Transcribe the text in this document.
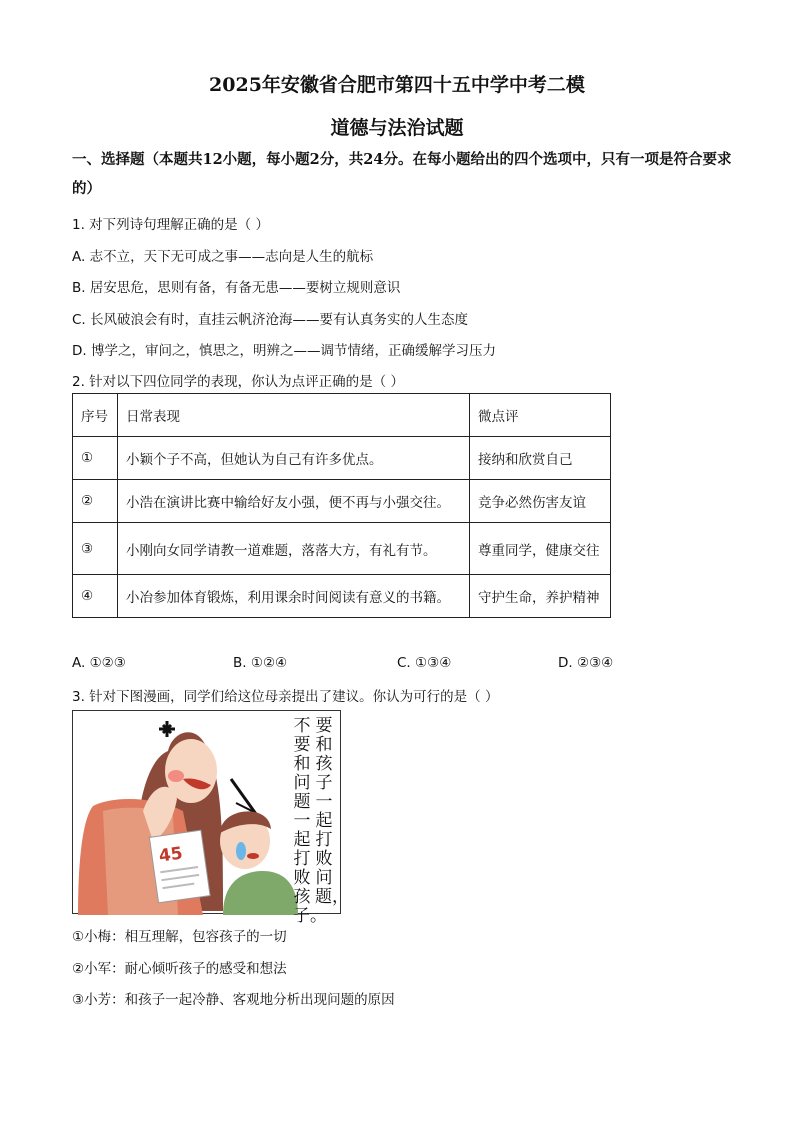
2025年安徽省合肥市第四十五中学中考二模
道德与法治试题
一、选择题（本题共12小题，每小题2分，共24分。在每小题给出的四个选项中，只有一项是符合要求的）
1. 对下列诗句理解正确的是（ ）
A. 志不立，天下无可成之事——志向是人生的航标
B. 居安思危，思则有备，有备无患——要树立规则意识
C. 长风破浪会有时，直挂云帆济沧海——要有认真务实的人生态度
D. 博学之，审问之，慎思之，明辨之——调节情绪，正确缓解学习压力
2. 针对以下四位同学的表现，你认为点评正确的是（ ）
序号	日常表现	微点评
①	小颖个子不高，但她认为自己有许多优点。	接纳和欣赏自己
②	小浩在演讲比赛中输给好友小强，便不再与小强交往。	竞争必然伤害友谊
③	小刚向女同学请教一道难题，落落大方，有礼有节。	尊重同学，健康交往
④	小冶参加体育锻炼，利用课余时间阅读有意义的书籍。	守护生命，养护精神
A. ①②③	B. ①②④	C. ①③④	D. ②③④
3. 针对下图漫画，同学们给这位母亲提出了建议。你认为可行的是（ ）
45
要和孩子一起打败问题，
不要和问题一起打败孩子。
①小梅：相互理解，包容孩子的一切
②小军：耐心倾听孩子的感受和想法
③小芳：和孩子一起冷静、客观地分析出现问题的原因
